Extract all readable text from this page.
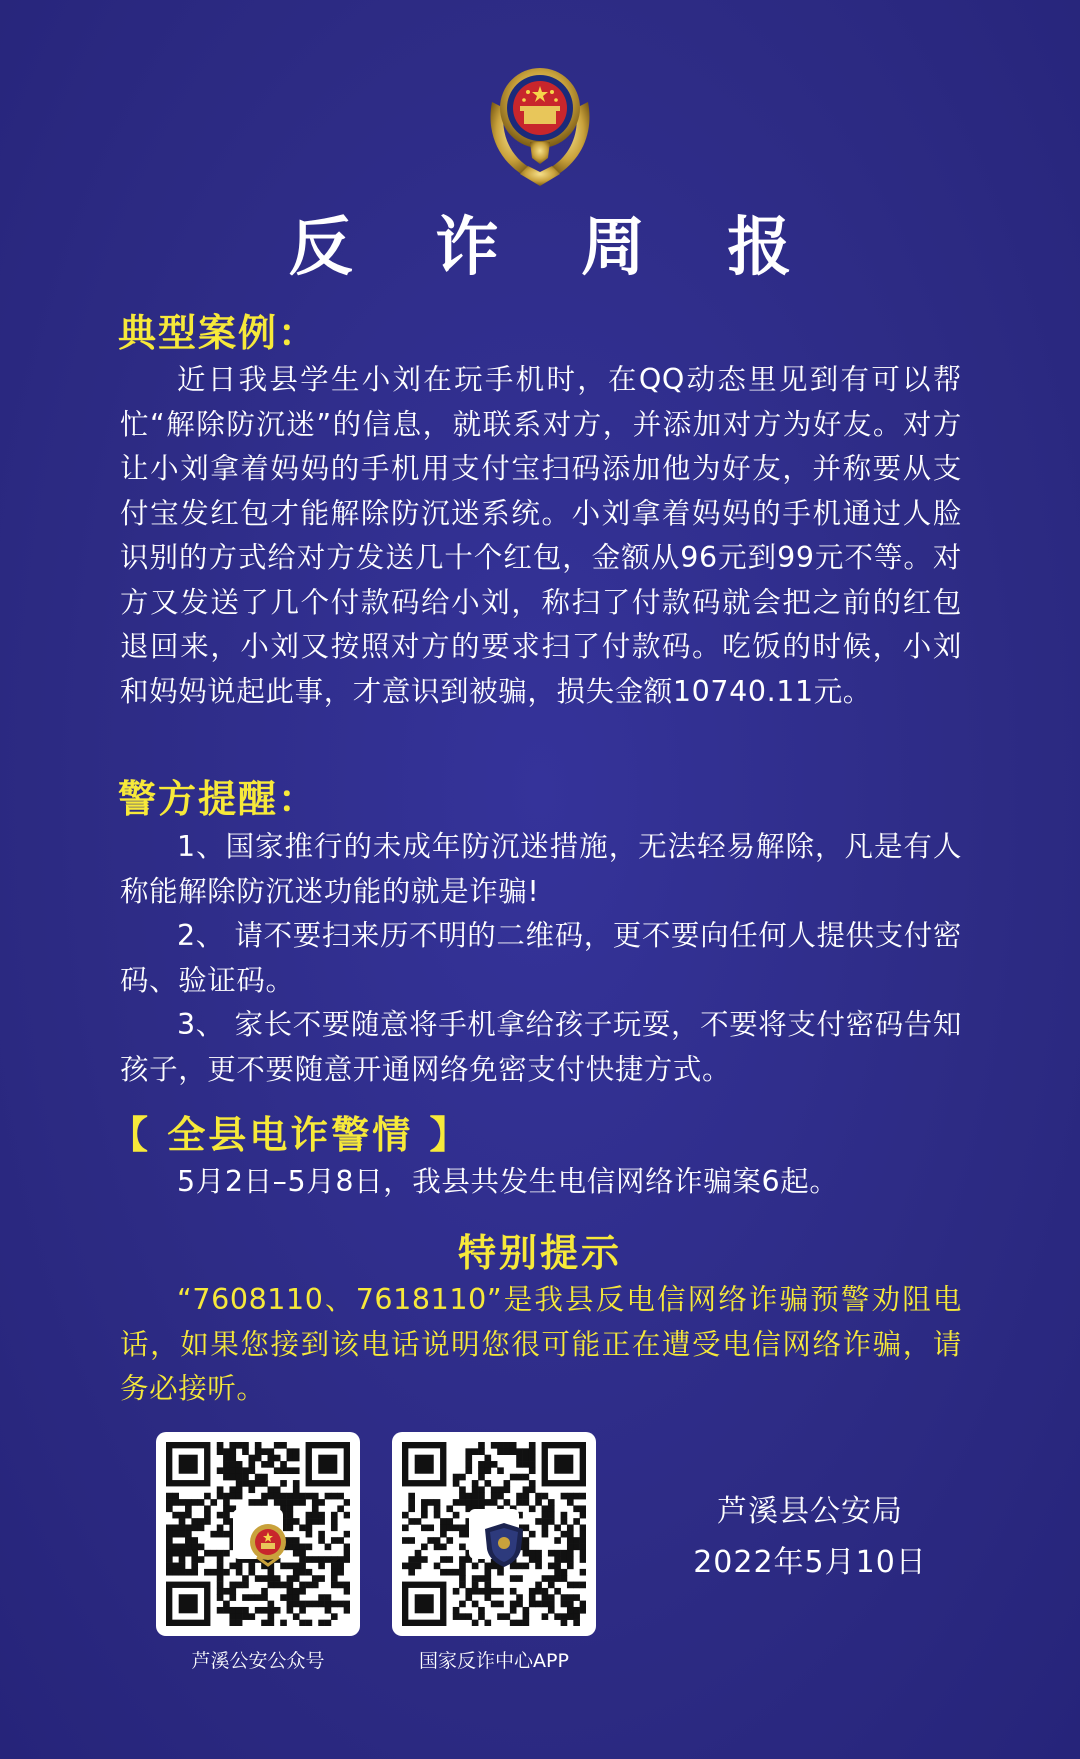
反 诈 周 报
典型案例：

近日我县学生小刘在玩手机时，在QQ动态里见到有可以帮忙“解除防沉迷”的信息，就联系对方，并添加对方为好友。对方让小刘拿着妈妈的手机用支付宝扫码添加他为好友，并称要从支付宝发红包才能解除防沉迷系统。小刘拿着妈妈的手机通过人脸识别的方式给对方发送几十个红包，金额从96元到99元不等。对方又发送了几个付款码给小刘，称扫了付款码就会把之前的红包退回来，小刘又按照对方的要求扫了付款码。吃饭的时候，小刘和妈妈说起此事，才意识到被骗，损失金额10740.11元。

警方提醒：

1、国家推行的未成年防沉迷措施，无法轻易解除，凡是有人称能解除防沉迷功能的就是诈骗!

2、 请不要扫来历不明的二维码，更不要向任何人提供支付密码、验证码。

3、 家长不要随意将手机拿给孩子玩耍，不要将支付密码告知孩子，更不要随意开通网络免密支付快捷方式。

【 全县电诈警情 】

5月2日–5月8日，我县共发生电信网络诈骗案6起。

特别提示

“7608110、7618110”是我县反电信网络诈骗预警劝阻电话，如果您接到该电话说明您很可能正在遭受电信网络诈骗，请务必接听。

芦溪公安公众号	国家反诈中心APP
芦溪县公安局
2022年5月10日
